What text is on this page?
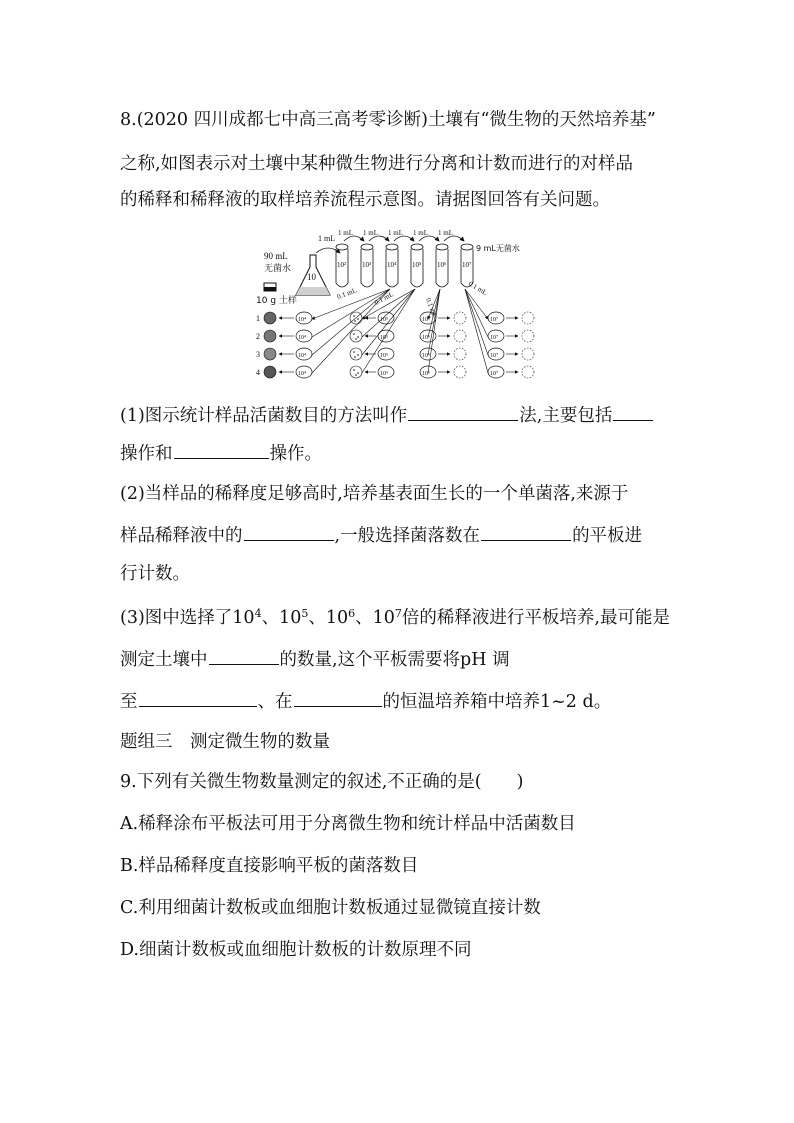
8.(2020 四川成都七中高三高考零诊断)土壤有“微生物的天然培养基”
之称,如图表示对土壤中某种微生物进行分离和计数而进行的对样品
的稀释和稀释液的取样培养流程示意图。请据图回答有关问题。
10
90 mL
无菌水
10 g 土样
1 mL
10² 10³ 10⁴ 10⁵ 10⁶ 10⁷
1 mL 1 mL 1 mL 1 mL 1 mL
9 mL无菌水
0.1 mL 0.1 mL	0.1 mL
0.1 mL
1
2
3
4
10⁴
10⁴
10⁴
10⁴
10⁵
10⁵
10⁵
10⁵
10⁶
10⁶
10⁶
10⁶
10⁷
10⁷
10⁷
10⁷
(1)图示统计样品活菌数目的方法叫作	法,主要包括
操作和	操作。
(2)当样品的稀释度足够高时,培养基表面生长的一个单菌落,来源于
样品稀释液中的	,一般选择菌落数在	的平板进
行计数。
(3)图中选择了$10^4$、$10^5$、$10^6$、$10^7$倍的稀释液进行平板培养,最可能是
测定土壤中	的数量,这个平板需要将pH 调
至	、在	的恒温培养箱中培养1~2 d。
题组三　测定微生物的数量
9.下列有关微生物数量测定的叙述,不正确的是(　　)
A.稀释涂布平板法可用于分离微生物和统计样品中活菌数目
B.样品稀释度直接影响平板的菌落数目
C.利用细菌计数板或血细胞计数板通过显微镜直接计数
D.细菌计数板或血细胞计数板的计数原理不同
